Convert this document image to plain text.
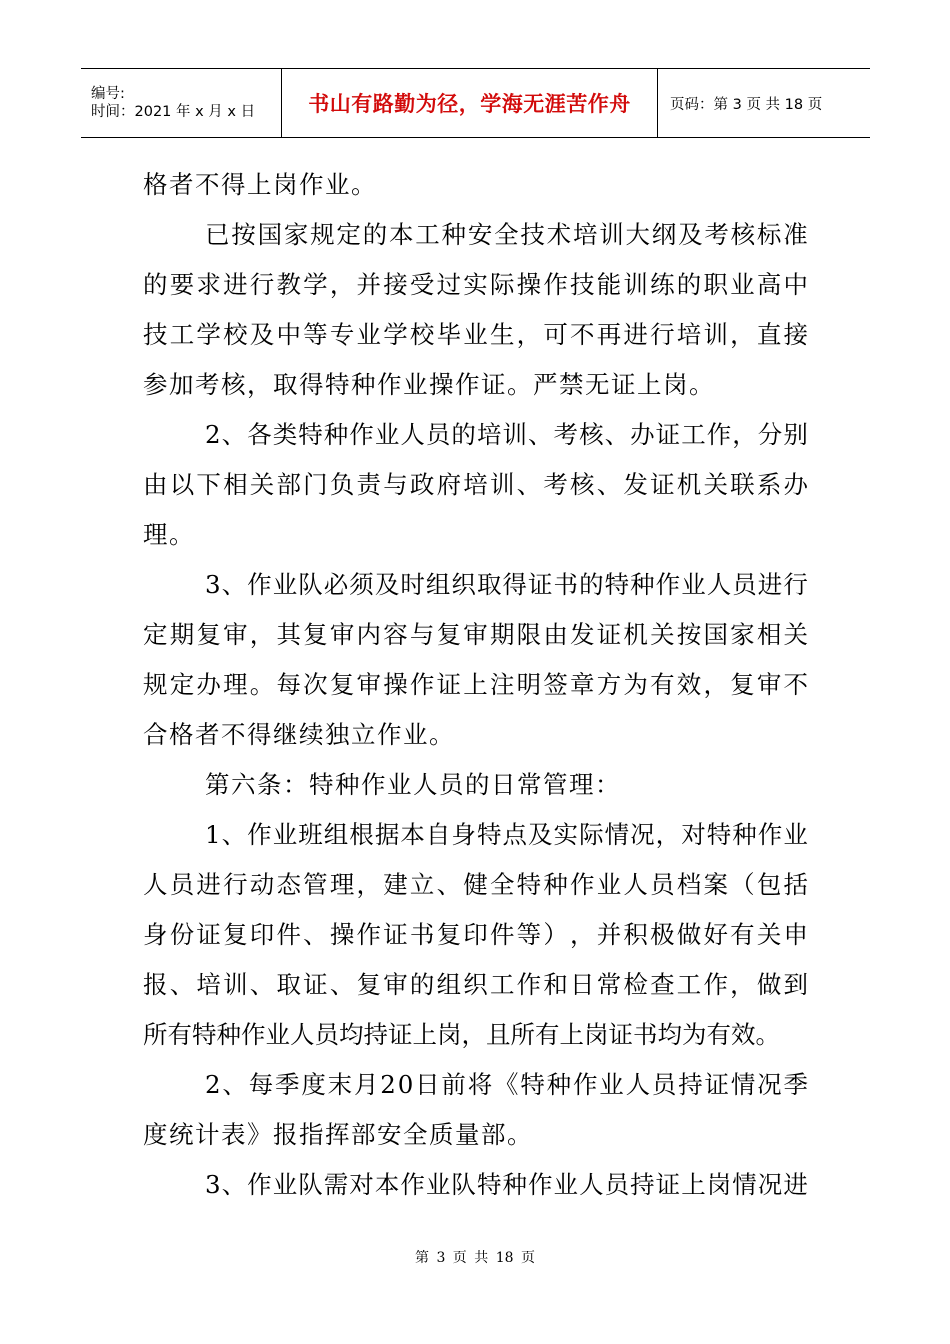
编号:
时间：2021 年 x 月 x 日	书山有路勤为径，学海无涯苦作舟	页码：第 3 页 共 18 页
格者不得上岗作业。
已 按 国 家 规 定 的 本 工 种 安 全 技 术 培 训 大 纲 及 考 核 标 准
的 要 求 进 行 教 学 ， 并 接 受 过 实 际 操 作 技 能 训 练 的 职 业 高 中
技 工 学 校 及 中 等 专 业 学 校 毕 业 生 ， 可 不 再 进 行 培 训 ， 直 接
参加考核，取得特种作业操作证。严禁无证上岗。
2 、 各 类 特 种 作 业 人 员 的 培 训 、 考 核 、 办 证 工 作 ， 分 别
由 以 下 相 关 部 门 负 责 与 政 府 培 训 、 考 核 、 发 证 机 关 联 系 办
理。
3 、 作 业 队 必 须 及 时 组 织 取 得 证 书 的 特 种 作 业 人 员 进 行
定 期 复 审 ， 其 复 审 内 容 与 复 审 期 限 由 发 证 机 关 按 国 家 相 关
规 定 办 理 。 每 次 复 审 操 作 证 上 注 明 签 章 方 为 有 效 ， 复 审 不
合格者不得继续独立作业。
第六条：特种作业人员的日常管理：
1 、 作 业 班 组 根 据 本 自 身 特 点 及 实 际 情 况 ， 对 特 种 作 业
人 员 进 行 动 态 管 理 ， 建 立 、 健 全 特 种 作 业 人 员 档 案 （ 包 括
身 份 证 复 印 件 、 操 作 证 书 复 印 件 等 ） ， 并 积 极 做 好 有 关 申
报 、 培 训 、 取 证 、 复 审 的 组 织 工 作 和 日 常 检 查 工 作 ， 做 到
所有特种作业人员均持证上岗，且所有上岗证书均为有效。
2 、 每 季 度 末 月 2 0 日 前 将 《 特 种 作 业 人 员 持 证 情 况 季
度统计表》报指挥部安全质量部。
3 、 作 业 队 需 对 本 作 业 队 特 种 作 业 人 员 持 证 上 岗 情 况 进
第 3 页 共 18 页
